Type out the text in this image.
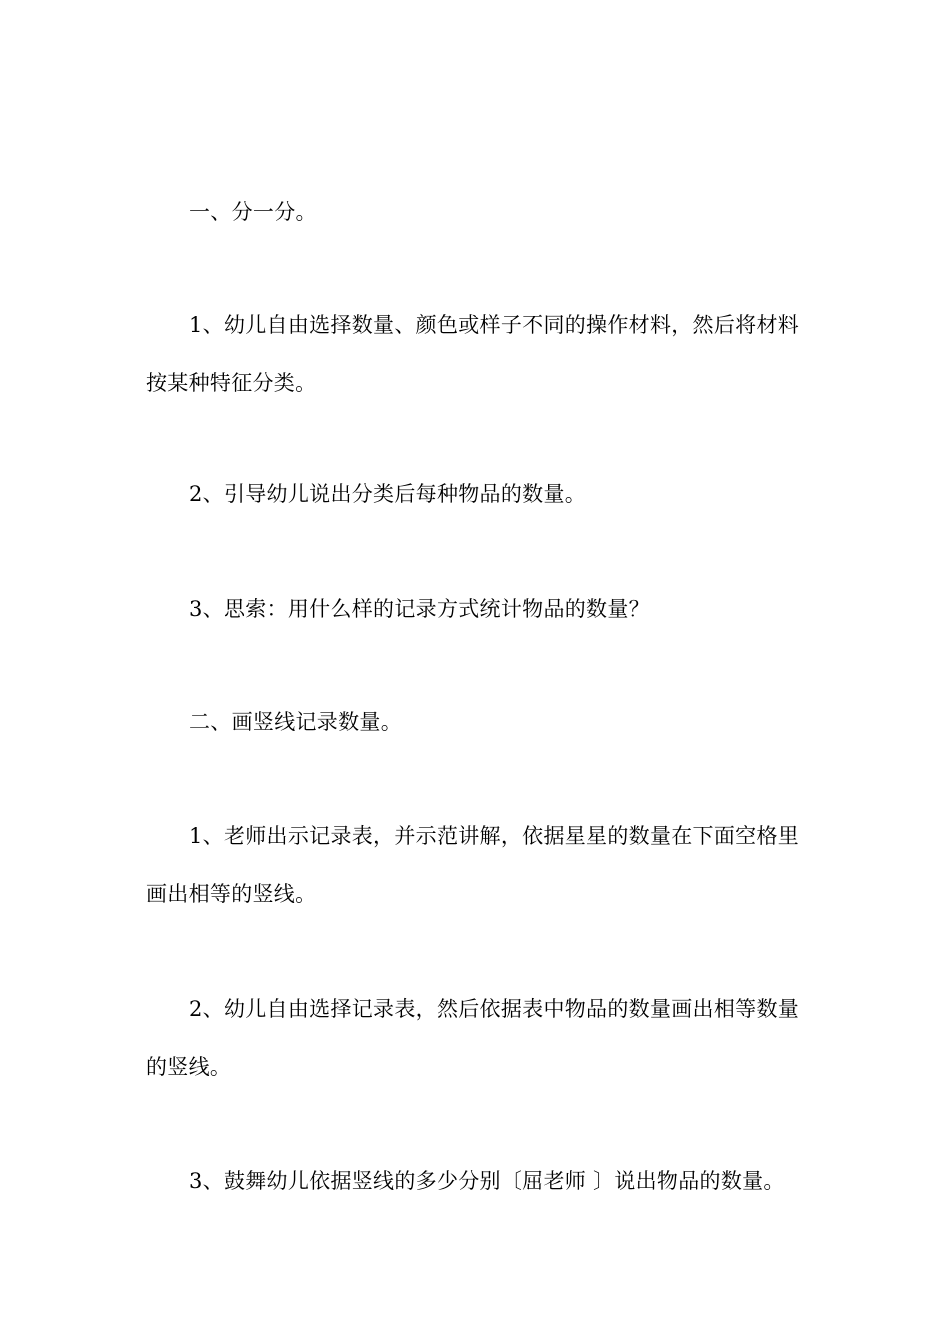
一、分一分。

1、幼儿自由选择数量、颜色或样子不同的操作材料，然后将材料按某种特征分类。

2、引导幼儿说出分类后每种物品的数量。

3、思索：用什么样的记录方式统计物品的数量？

二、画竖线记录数量。

1、老师出示记录表，并示范讲解，依据星星的数量在下面空格里画出相等的竖线。

2、幼儿自由选择记录表，然后依据表中物品的数量画出相等数量的竖线。

3、鼓舞幼儿依据竖线的多少分别〔屈老师 〕说出物品的数量。
